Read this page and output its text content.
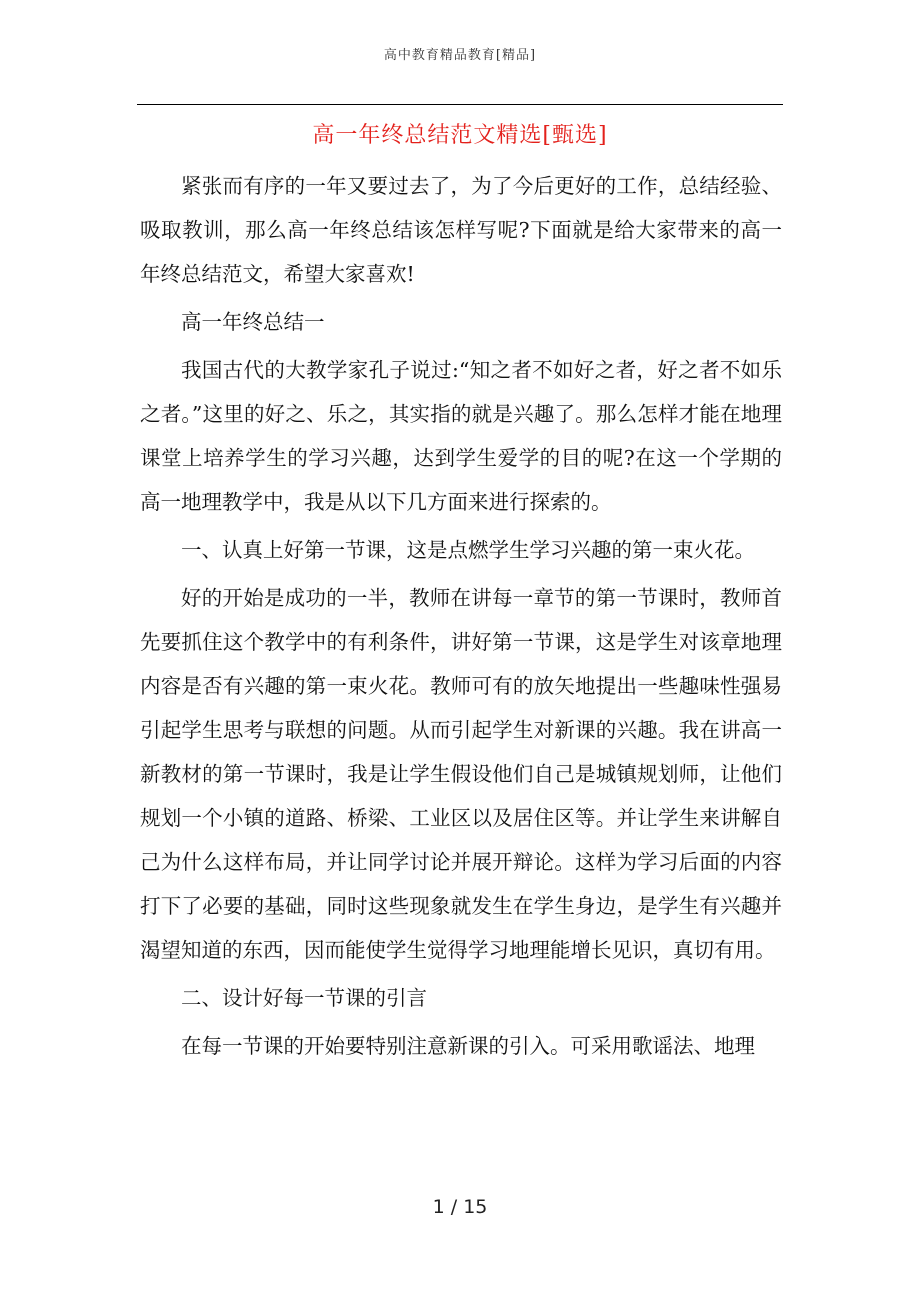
高中教育精品教育[精品]
高一年终总结范文精选[甄选]

紧张而有序的一年又要过去了，为了今后更好的工作，总结经验、吸取教训，那么高一年终总结该怎样写呢?下面就是给大家带来的高一年终总结范文，希望大家喜欢!

高一年终总结一

我国古代的大教学家孔子说过:“知之者不如好之者，好之者不如乐之者。”这里的好之、乐之，其实指的就是兴趣了。那么怎样才能在地理课堂上培养学生的学习兴趣，达到学生爱学的目的呢?在这一个学期的高一地理教学中，我是从以下几方面来进行探索的。

一、认真上好第一节课，这是点燃学生学习兴趣的第一束火花。

好的开始是成功的一半，教师在讲每一章节的第一节课时，教师首先要抓住这个教学中的有利条件，讲好第一节课，这是学生对该章地理内容是否有兴趣的第一束火花。教师可有的放矢地提出一些趣味性强易引起学生思考与联想的问题。从而引起学生对新课的兴趣。我在讲高一新教材的第一节课时，我是让学生假设他们自己是城镇规划师，让他们规划一个小镇的道路、桥梁、工业区以及居住区等。并让学生来讲解自己为什么这样布局，并让同学讨论并展开辩论。这样为学习后面的内容打下了必要的基础，同时这些现象就发生在学生身边，是学生有兴趣并渴望知道的东西，因而能使学生觉得学习地理能增长见识，真切有用。

二、设计好每一节课的引言

在每一节课的开始要特别注意新课的引入。可采用歌谣法、地理

1 / 15
